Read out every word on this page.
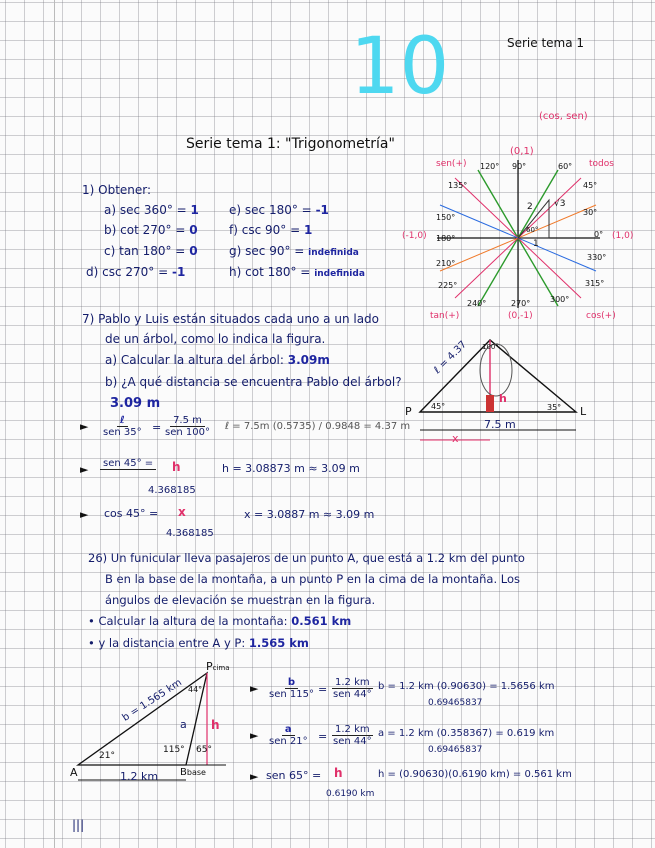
10	Serie tema 1
Serie tema 1: "Trigonometría"
1) Obtener:
a) sec 360° = 1
b) cot 270° = 0
c) tan 180° = 0
d) csc 270° = -1
e) sec 180° = -1
f) csc 90° = 1
g) sec 90° = indefinida
h) cot 180° = indefinida
(cos, sen)
(0,1)
sen(+)	todos
(-1,0)	(1,0)
tan(+)	(0,-1)	cos(+)
120° 90°	60°
135°	45°
150°
30°
180°	0°
210°
330°
225°	315°
240°	270° 300°
2 √3
1
60°
7) Pablo y Luis están situados cada uno a un lado
de un árbol, como lo indica la figura.
a) Calcular la altura del árbol: 3.09m
b) ¿A qué distancia se encuentra Pablo del árbol?
3.09 m
P	L
45°
100°
35°
ℓ = 4.37
h
7.5 m
x
►	ℓ
sen 35° =
7.5 m
sen 100°
ℓ = 7.5m (0.5735) / 0.9848 = 4.37 m
►	sen 45° = h
4.368185
h = 3.08873 m ≈ 3.09 m
► cos 45° = x
4.368185
x = 3.0887 m ≈ 3.09 m
26) Un funicular lleva pasajeros de un punto A, que está a 1.2 km del punto
B en la base de la montaña, a un punto P en la cima de la montaña. Los
ángulos de elevación se muestran en la figura.
• Calcular la altura de la montaña: 0.561 km
• y la distancia entre A y P: 1.565 km
Pcima
A	Bbase
21°
115° 65°
44°
b = 1.565 km
a h
1.2 km
►	b
sen 115° =
1.2 km
sen 44°
b = 1.2 km (0.90630) = 1.5656 km
0.69465837
►	a
sen 21° =
1.2 km
sen 44°
a = 1.2 km (0.358367) = 0.619 km
0.69465837
► sen 65° = h
0.6190 km
h = (0.90630)(0.6190 km) = 0.561 km
|||
